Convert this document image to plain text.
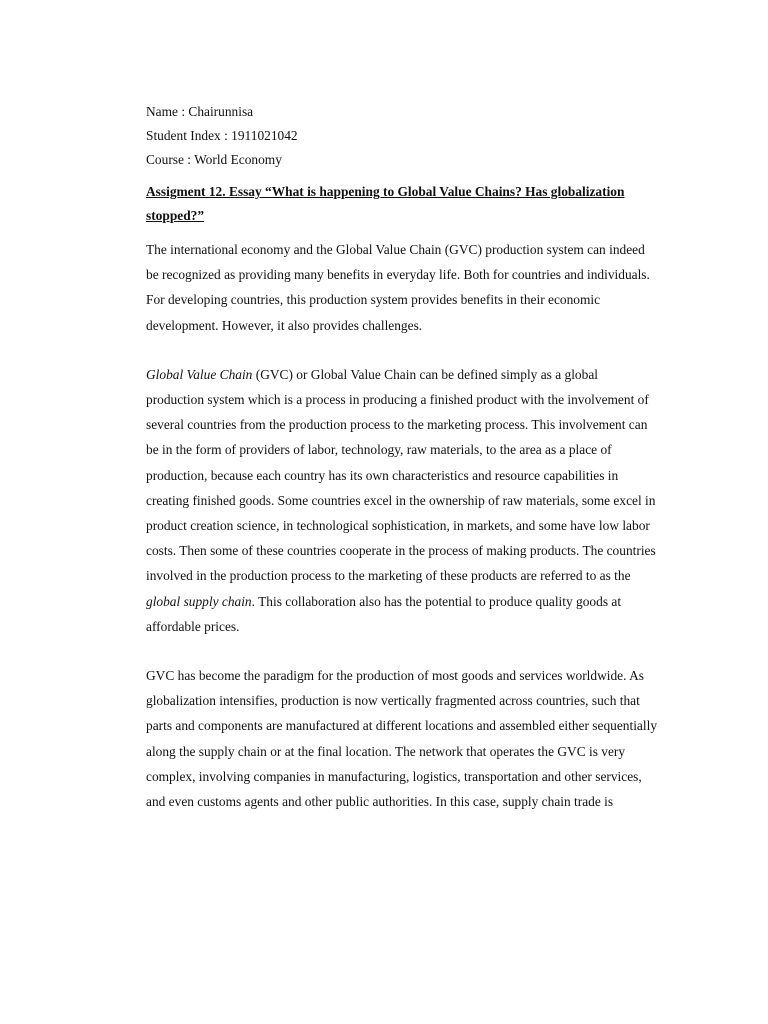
Name : Chairunnisa
Student Index : 1911021042
Course : World Economy
Assigment 12. Essay “What is happening to Global Value Chains? Has globalization stopped?”

The international economy and the Global Value Chain (GVC) production system can indeed be recognized as providing many benefits in everyday life. Both for countries and individuals. For developing countries, this production system provides benefits in their economic development. However, it also provides challenges.

Global Value Chain (GVC) or Global Value Chain can be defined simply as a global production system which is a process in producing a finished product with the involvement of several countries from the production process to the marketing process. This involvement can be in the form of providers of labor, technology, raw materials, to the area as a place of production, because each country has its own characteristics and resource capabilities in creating finished goods. Some countries excel in the ownership of raw materials, some excel in product creation science, in technological sophistication, in markets, and some have low labor costs. Then some of these countries cooperate in the process of making products. The countries involved in the production process to the marketing of these products are referred to as the global supply chain. This collaboration also has the potential to produce quality goods at affordable prices.

GVC has become the paradigm for the production of most goods and services worldwide. As globalization intensifies, production is now vertically fragmented across countries, such that parts and components are manufactured at different locations and assembled either sequentially along the supply chain or at the final location. The network that operates the GVC is very complex, involving companies in manufacturing, logistics, transportation and other services, and even customs agents and other public authorities. In this case, supply chain trade is
